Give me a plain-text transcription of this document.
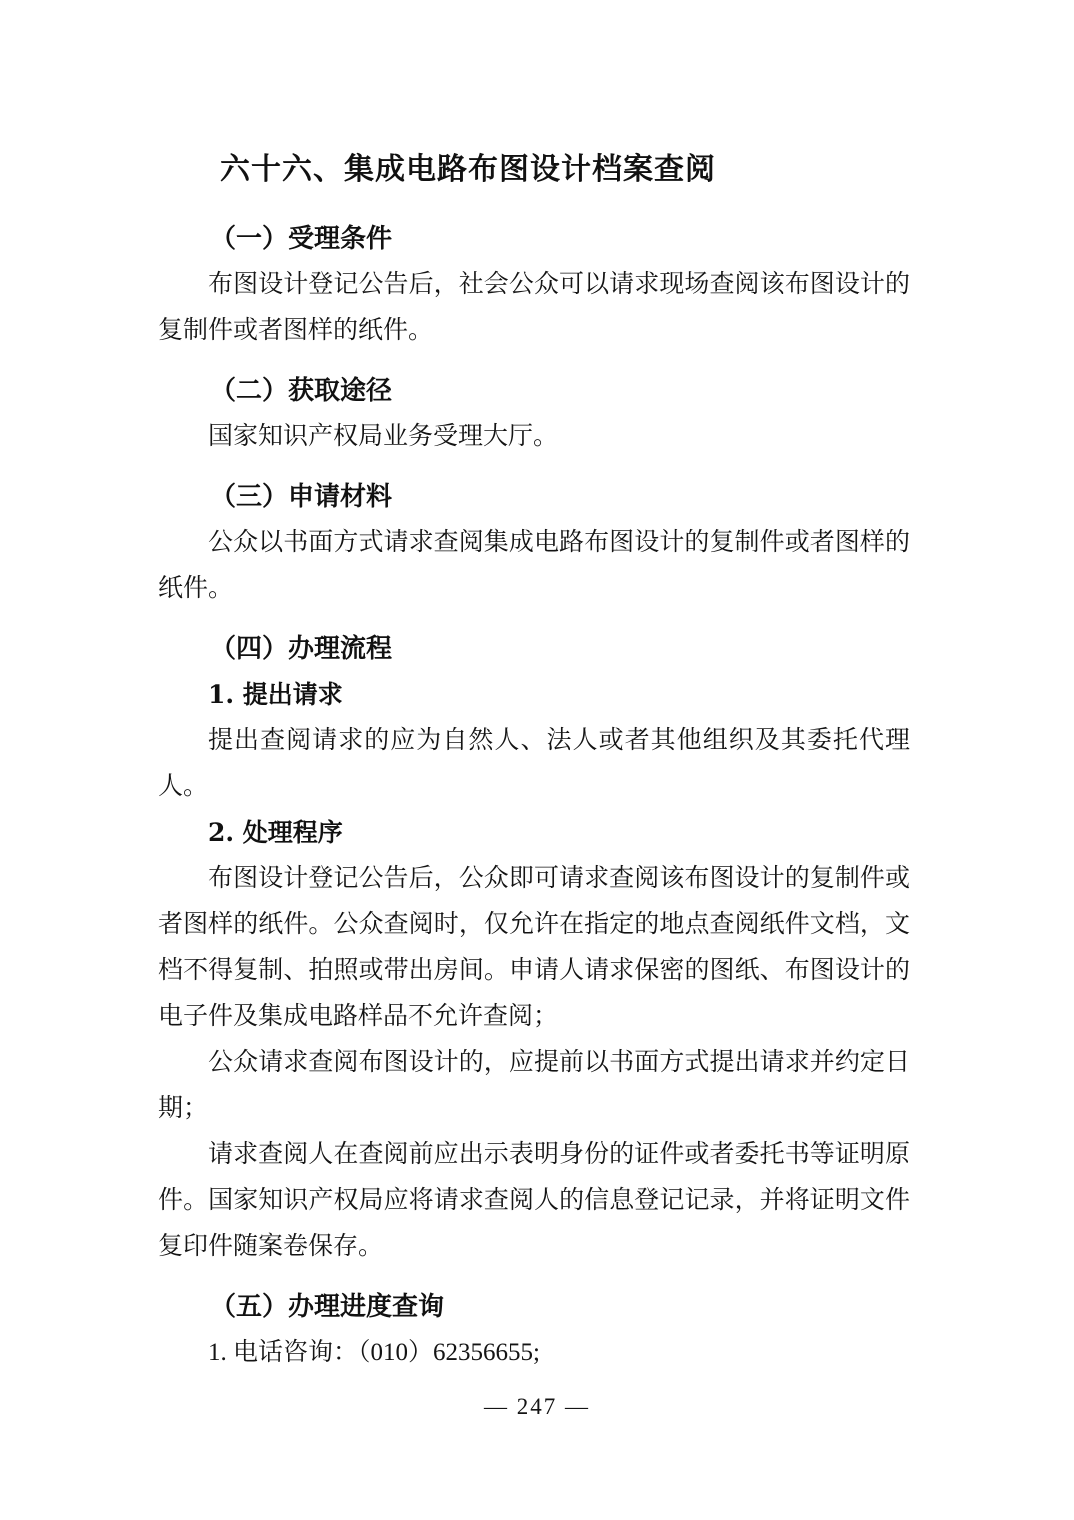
六十六、集成电路布图设计档案查阅
（一）受理条件

布图设计登记公告后，社会公众可以请求现场查阅该布图设计的复制件或者图样的纸件。

（二）获取途径

国家知识产权局业务受理大厅。

（三）申请材料

公众以书面方式请求查阅集成电路布图设计的复制件或者图样的纸件。

（四）办理流程
1. 提出请求

提出查阅请求的应为自然人、法人或者其他组织及其委托代理人。

2. 处理程序

布图设计登记公告后，公众即可请求查阅该布图设计的复制件或者图样的纸件。公众查阅时，仅允许在指定的地点查阅纸件文档，文档不得复制、拍照或带出房间。申请人请求保密的图纸、布图设计的电子件及集成电路样品不允许查阅；

公众请求查阅布图设计的，应提前以书面方式提出请求并约定日期；

请求查阅人在查阅前应出示表明身份的证件或者委托书等证明原件。国家知识产权局应将请求查阅人的信息登记记录，并将证明文件复印件随案卷保存。

（五）办理进度查询

1. 电话咨询：（010）62356655;

— 247 —
